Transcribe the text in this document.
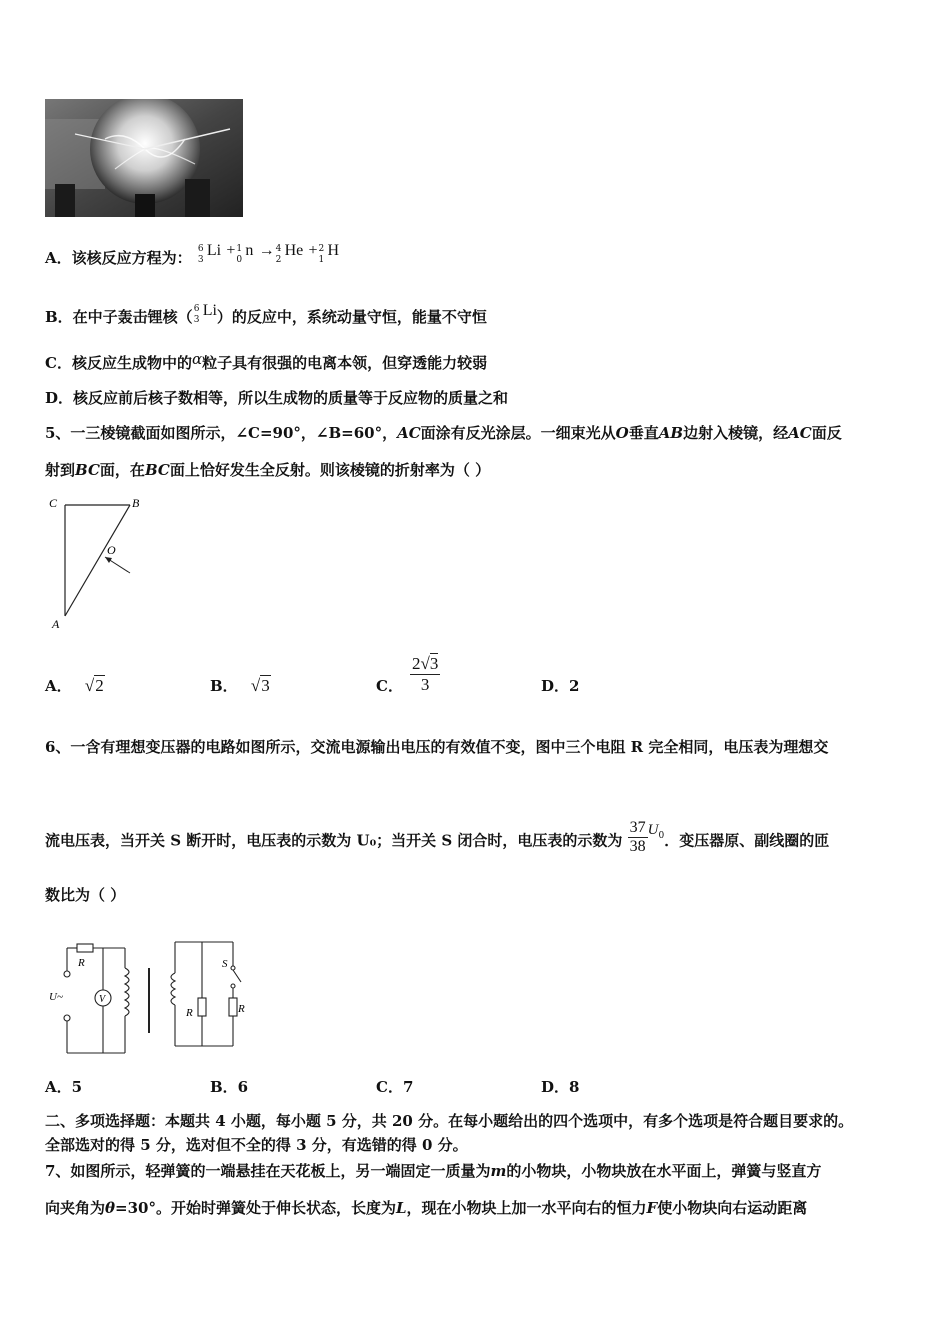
A．该核反应方程为： 6
3
Li + 1
0
n → 4
2
He + 2
1
H
B．在中子轰击锂核（ 6
3
Li）的反应中，系统动量守恒，能量不守恒
C．核反应生成物中的α粒子具有很强的电离本领，但穿透能力较弱
D．核反应前后核子数相等，所以生成物的质量等于反应物的质量之和
5、一三棱镜截面如图所示，∠C=90°，∠B=60°，AC面涂有反光涂层。一细束光从O垂直AB边射入棱镜，经AC面反
射到BC面，在BC面上恰好发生全反射。则该棱镜的折射率为（ ）
C	B
O
A
A． √2	B． √3	C． $\frac{2√3}{3}$	D．2
6、一含有理想变压器的电路如图所示，交流电源输出电压的有效值不变，图中三个电阻 R 完全相同，电压表为理想交
流电压表，当开关 S 断开时，电压表的示数为 U₀；当开关 S 闭合时，电压表的示数为 $\frac{37}{38} U^0$．变压器原、副线圈的匝
数比为（ ）
R
U~	V
R
S
R
A．5	B．6	C．7	D．8
二、多项选择题：本题共 4 小题，每小题 5 分，共 20 分。在每小题给出的四个选项中，有多个选项是符合题目要求的。
全部选对的得 5 分，选对但不全的得 3 分，有选错的得 0 分。
7、如图所示，轻弹簧的一端悬挂在天花板上，另一端固定一质量为m的小物块，小物块放在水平面上，弹簧与竖直方
向夹角为θ=30°。开始时弹簧处于伸长状态，长度为L，现在小物块上加一水平向右的恒力F使小物块向右运动距离
